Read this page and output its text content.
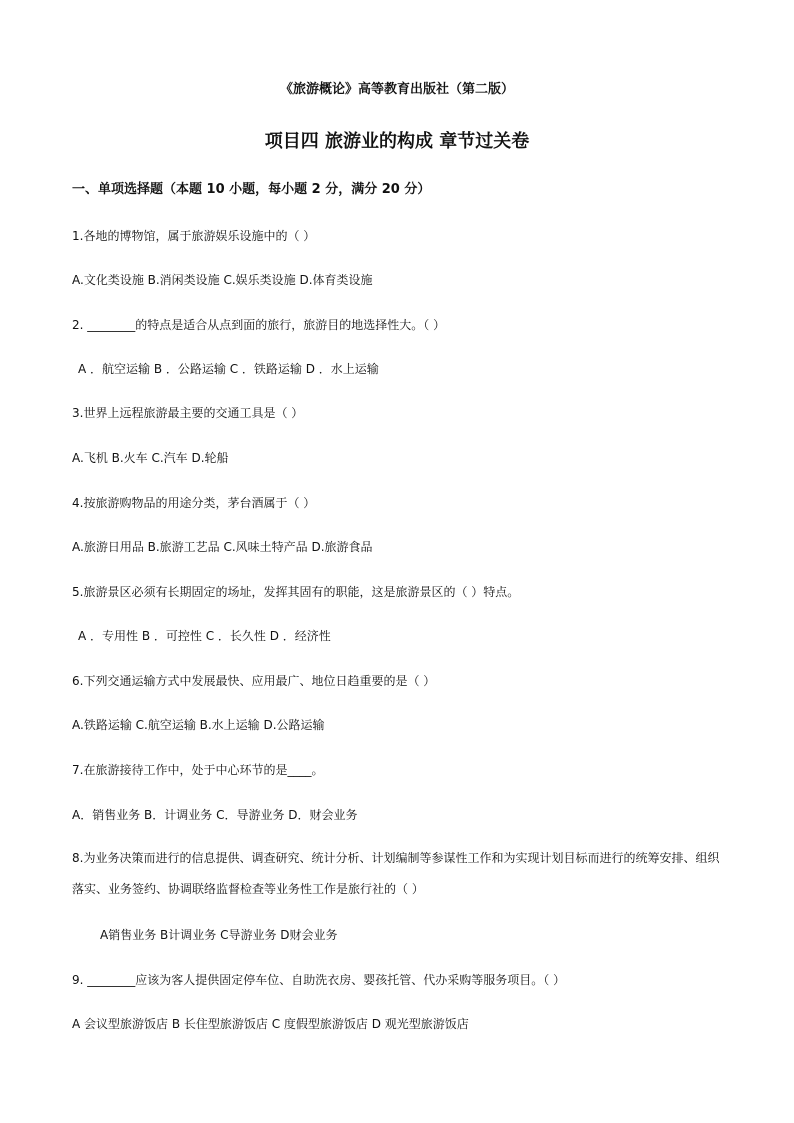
《旅游概论》高等教育出版社（第二版）
项目四 旅游业的构成 章节过关卷
一、单项选择题（本题 10 小题，每小题 2 分，满分 20 分）
1.各地的博物馆，属于旅游娱乐设施中的（ ）
A.文化类设施 B.消闲类设施 C.娱乐类设施 D.体育类设施
2. ________的特点是适合从点到面的旅行，旅游目的地选择性大。（ ）
A ．航空运输 B ．公路运输 C ．铁路运输 D ．水上运输
3.世界上远程旅游最主要的交通工具是（ ）
A.飞机 B.火车 C.汽车 D.轮船
4.按旅游购物品的用途分类，茅台酒属于（ ）
A.旅游日用品 B.旅游工艺品 C.风味土特产品 D.旅游食品
5.旅游景区必须有长期固定的场址，发挥其固有的职能，这是旅游景区的（ ）特点。
A ．专用性 B ．可控性 C ．长久性 D ．经济性
6.下列交通运输方式中发展最快、应用最广、地位日趋重要的是（ ）
A.铁路运输 C.航空运输 B.水上运输 D.公路运输
7.在旅游接待工作中，处于中心环节的是____。
A．销售业务 B．计调业务 C．导游业务 D．财会业务
8.为业务决策而进行的信息提供、调查研究、统计分析、计划编制等参谋性工作和为实现计划目标而进行的统筹安排、组织落实、业务签约、协调联络监督检查等业务性工作是旅行社的（ ）
A销售业务 B计调业务 C导游业务 D财会业务
9. ________应该为客人提供固定停车位、自助洗衣房、婴孩托管、代办采购等服务项目。（ ）
A 会议型旅游饭店 B 长住型旅游饭店 C 度假型旅游饭店 D 观光型旅游饭店
